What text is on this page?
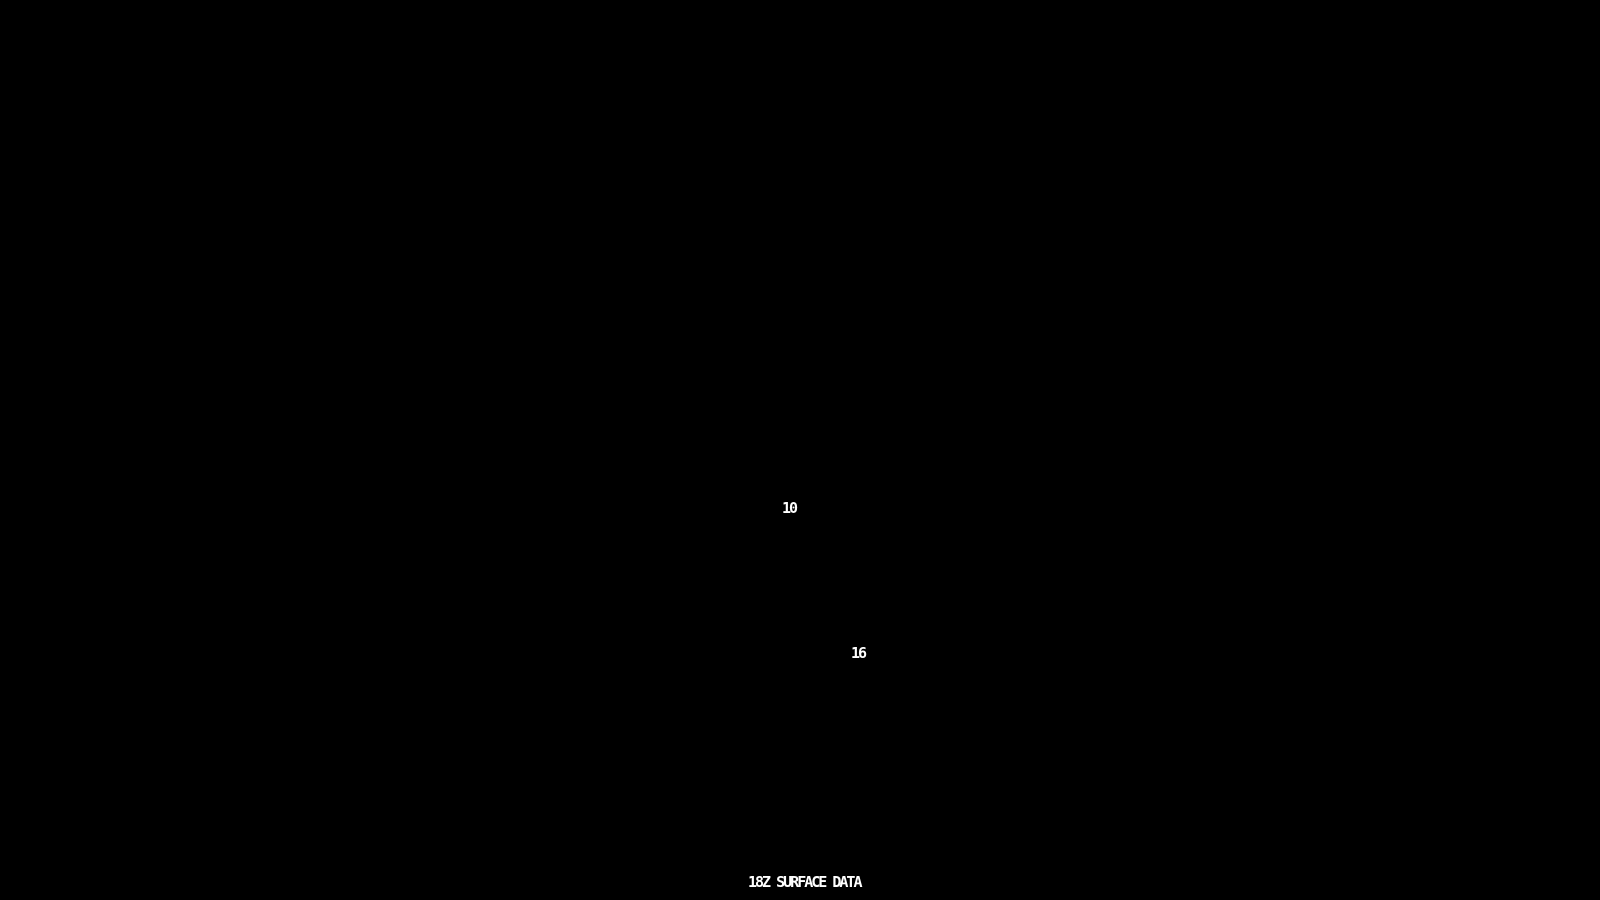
10
16
18Z SURFACE DATA
